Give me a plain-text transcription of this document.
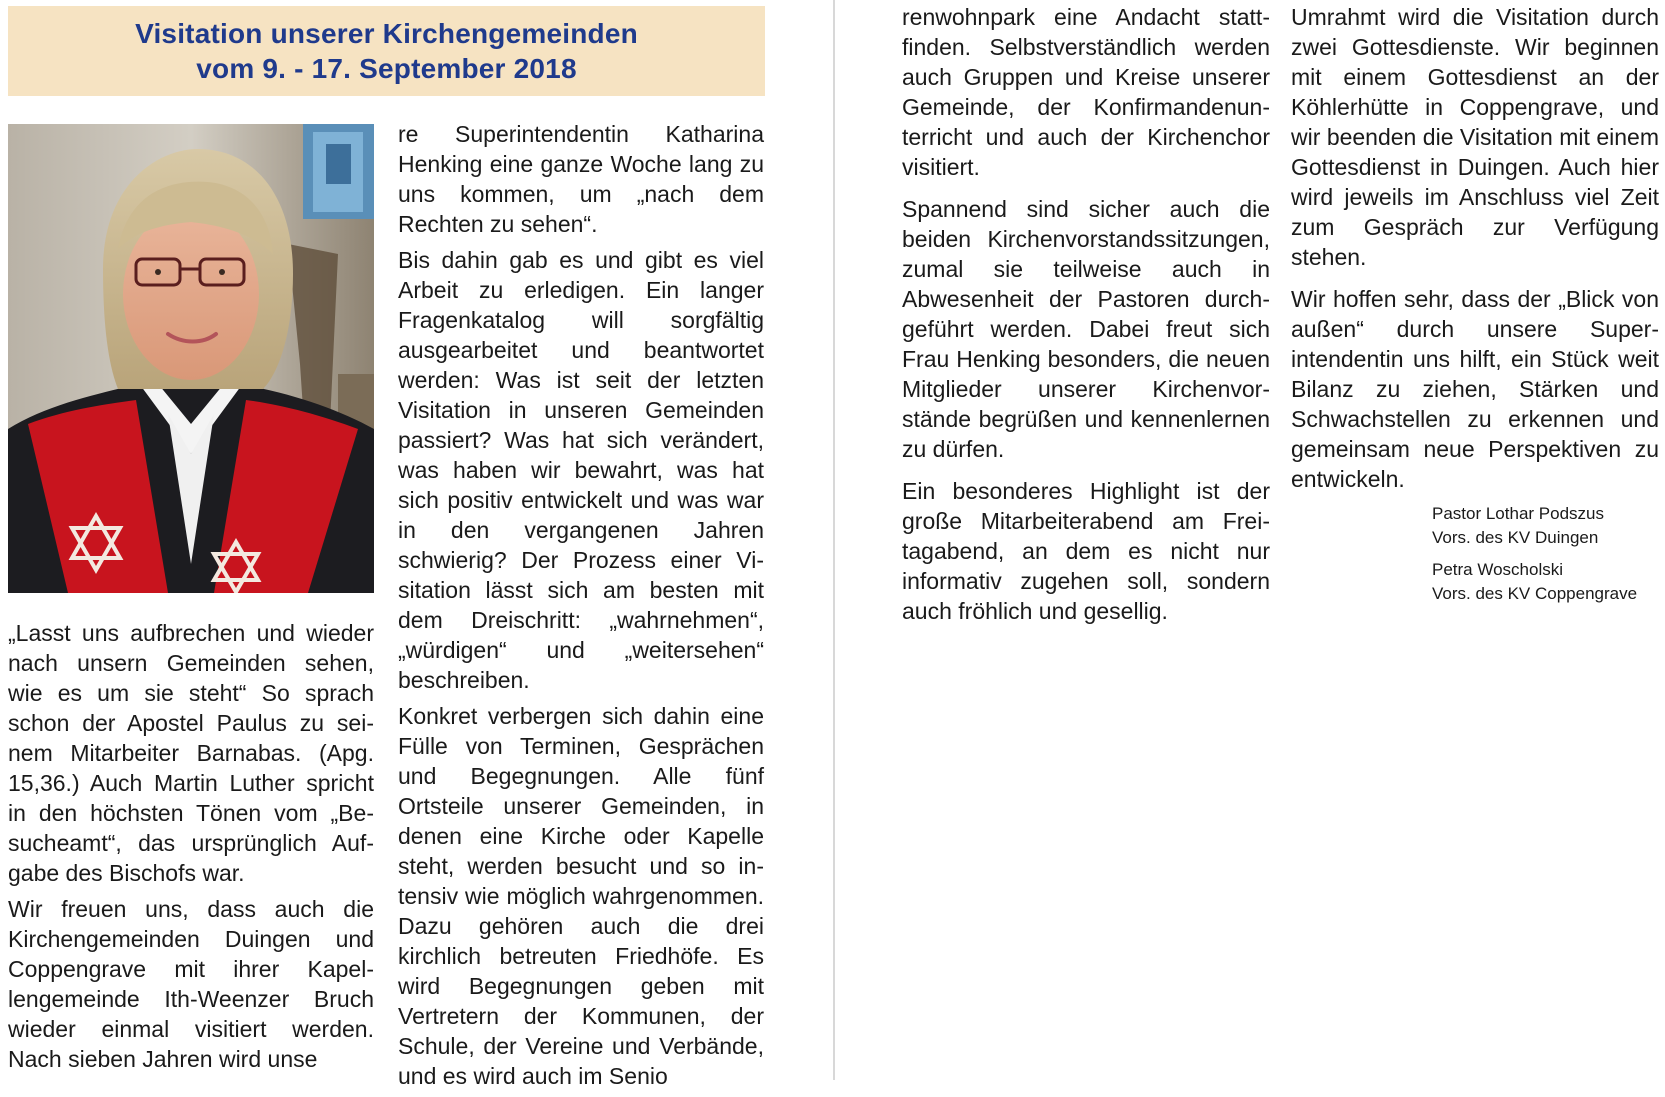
Visitation unserer Kirchengemeinden
vom 9. - 17. September 2018

„Lasst uns aufbrechen und wieder nach unsern Gemeinden sehen, wie es um sie steht“ So sprach schon der Apostel Paulus zu seinem Mitarbeiter Barnabas. (Apg. 15,36.) Auch Martin Luther spricht in den höchsten Tönen vom „Besucheamt“, das ursprünglich Aufgabe des Bischofs war.

Wir freuen uns, dass auch die Kirchengemeinden Duingen und Coppengrave mit ihrer Kapellengemeinde Ith-Weenzer Bruch wieder einmal visitiert werden. Nach sieben Jahren wird unse

re Superintendentin Katharina Henking eine ganze Woche lang zu uns kommen, um „nach dem Rechten zu sehen“.

Bis dahin gab es und gibt es viel Arbeit zu erledigen. Ein langer Fragenkatalog will sorgfältig ausgearbeitet und beantwortet werden: Was ist seit der letzten Visitation in unseren Gemeinden passiert? Was hat sich verändert, was haben wir bewahrt, was hat sich positiv entwickelt und was war in den vergangenen Jahren schwierig? Der Prozess einer Visitation lässt sich am besten mit dem Dreischritt: „wahrnehmen“, „würdigen“ und „weitersehen“ beschreiben.

Konkret verbergen sich dahin eine Fülle von Terminen, Gesprächen und Begegnungen. Alle fünf Ortsteile unserer Gemeinden, in denen eine Kirche oder Kapelle steht, werden besucht und so intensiv wie möglich wahrgenommen. Dazu gehören auch die drei kirchlich betreuten Friedhöfe. Es wird Begegnungen geben mit Vertretern der Kommunen, der Schule, der Vereine und Verbände, und es wird auch im Senio

renwohnpark eine Andacht stattfinden. Selbstverständlich werden auch Gruppen und Kreise unserer Gemeinde, der Konfirmandenunterricht und auch der Kirchenchor visitiert.

Spannend sind sicher auch die beiden Kirchenvorstandssitzungen, zumal sie teilweise auch in Abwesenheit der Pastoren durchgeführt werden. Dabei freut sich Frau Henking besonders, die neuen Mitglieder unserer Kirchenvorstände begrüßen und kennenlernen zu dürfen.

Ein besonderes Highlight ist der große Mitarbeiterabend am Freitagabend, an dem es nicht nur informativ zugehen soll, sondern auch fröhlich und gesellig.

Umrahmt wird die Visitation durch zwei Gottesdienste. Wir beginnen mit einem Gottesdienst an der Köhlerhütte in Coppengrave, und wir beenden die Visitation mit einem Gottesdienst in Duingen. Auch hier wird jeweils im Anschluss viel Zeit zum Gespräch zur Verfügung stehen.

Wir hoffen sehr, dass der „Blick von außen“ durch unsere Superintendentin uns hilft, ein Stück weit Bilanz zu ziehen, Stärken und Schwachstellen zu erkennen und gemeinsam neue Perspektiven zu entwickeln.

Pastor Lothar Podszus
Vors. des KV Duingen
Petra Woscholski
Vors. des KV Coppengrave
